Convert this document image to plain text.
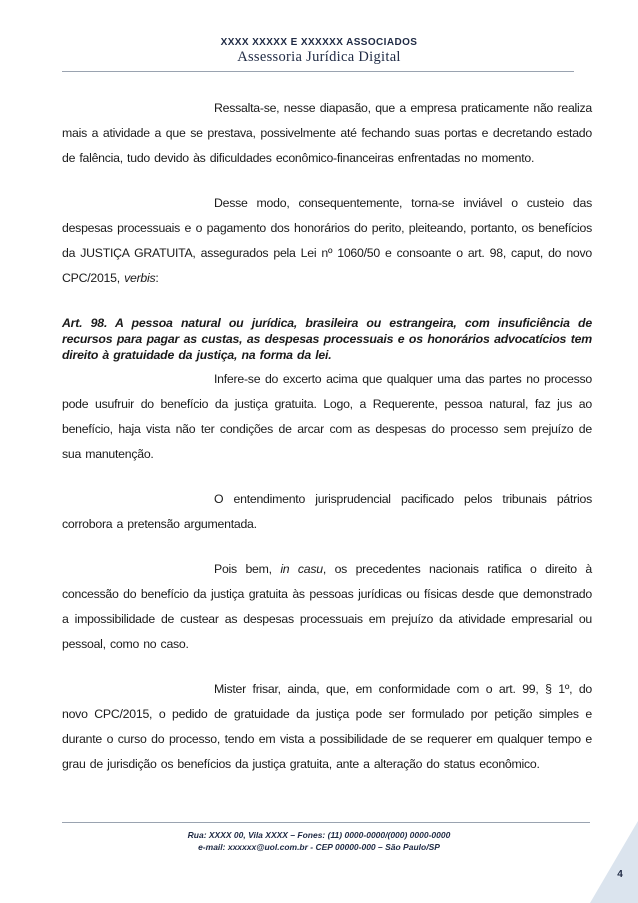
XXXX XXXXX E XXXXXX ASSOCIADOS
Assessoria Jurídica Digital

Ressalta-se, nesse diapasão, que a empresa praticamente não realiza mais a atividade a que se prestava, possivelmente até fechando suas portas e decretando estado de falência, tudo devido às dificuldades econômico-financeiras enfrentadas no momento.

Desse modo, consequentemente, torna-se inviável o custeio das despesas processuais e o pagamento dos honorários do perito, pleiteando, portanto, os benefícios da JUSTIÇA GRATUITA, assegurados pela Lei nº 1060/50 e consoante o art. 98, caput, do novo CPC/2015, verbis:

Art. 98. A pessoa natural ou jurídica, brasileira ou estrangeira, com insuficiência de recursos para pagar as custas, as despesas processuais e os honorários advocatícios tem direito à gratuidade da justiça, na forma da lei.

Infere-se do excerto acima que qualquer uma das partes no processo pode usufruir do benefício da justiça gratuita. Logo, a Requerente, pessoa natural, faz jus ao benefício, haja vista não ter condições de arcar com as despesas do processo sem prejuízo de sua manutenção.

O entendimento jurisprudencial pacificado pelos tribunais pátrios corrobora a pretensão argumentada.

Pois bem, in casu, os precedentes nacionais ratifica o direito à concessão do benefício da justiça gratuita às pessoas jurídicas ou físicas desde que demonstrado a impossibilidade de custear as despesas processuais em prejuízo da atividade empresarial ou pessoal, como no caso.

Mister frisar, ainda, que, em conformidade com o art. 99, § 1º, do novo CPC/2015, o pedido de gratuidade da justiça pode ser formulado por petição simples e durante o curso do processo, tendo em vista a possibilidade de se requerer em qualquer tempo e grau de jurisdição os benefícios da justiça gratuita, ante a alteração do status econômico.

Rua: XXXX 00, Vila XXXX – Fones: (11) 0000-0000/(000) 0000-0000
e-mail: xxxxxx@uol.com.br - CEP 00000-000 – São Paulo/SP
4
